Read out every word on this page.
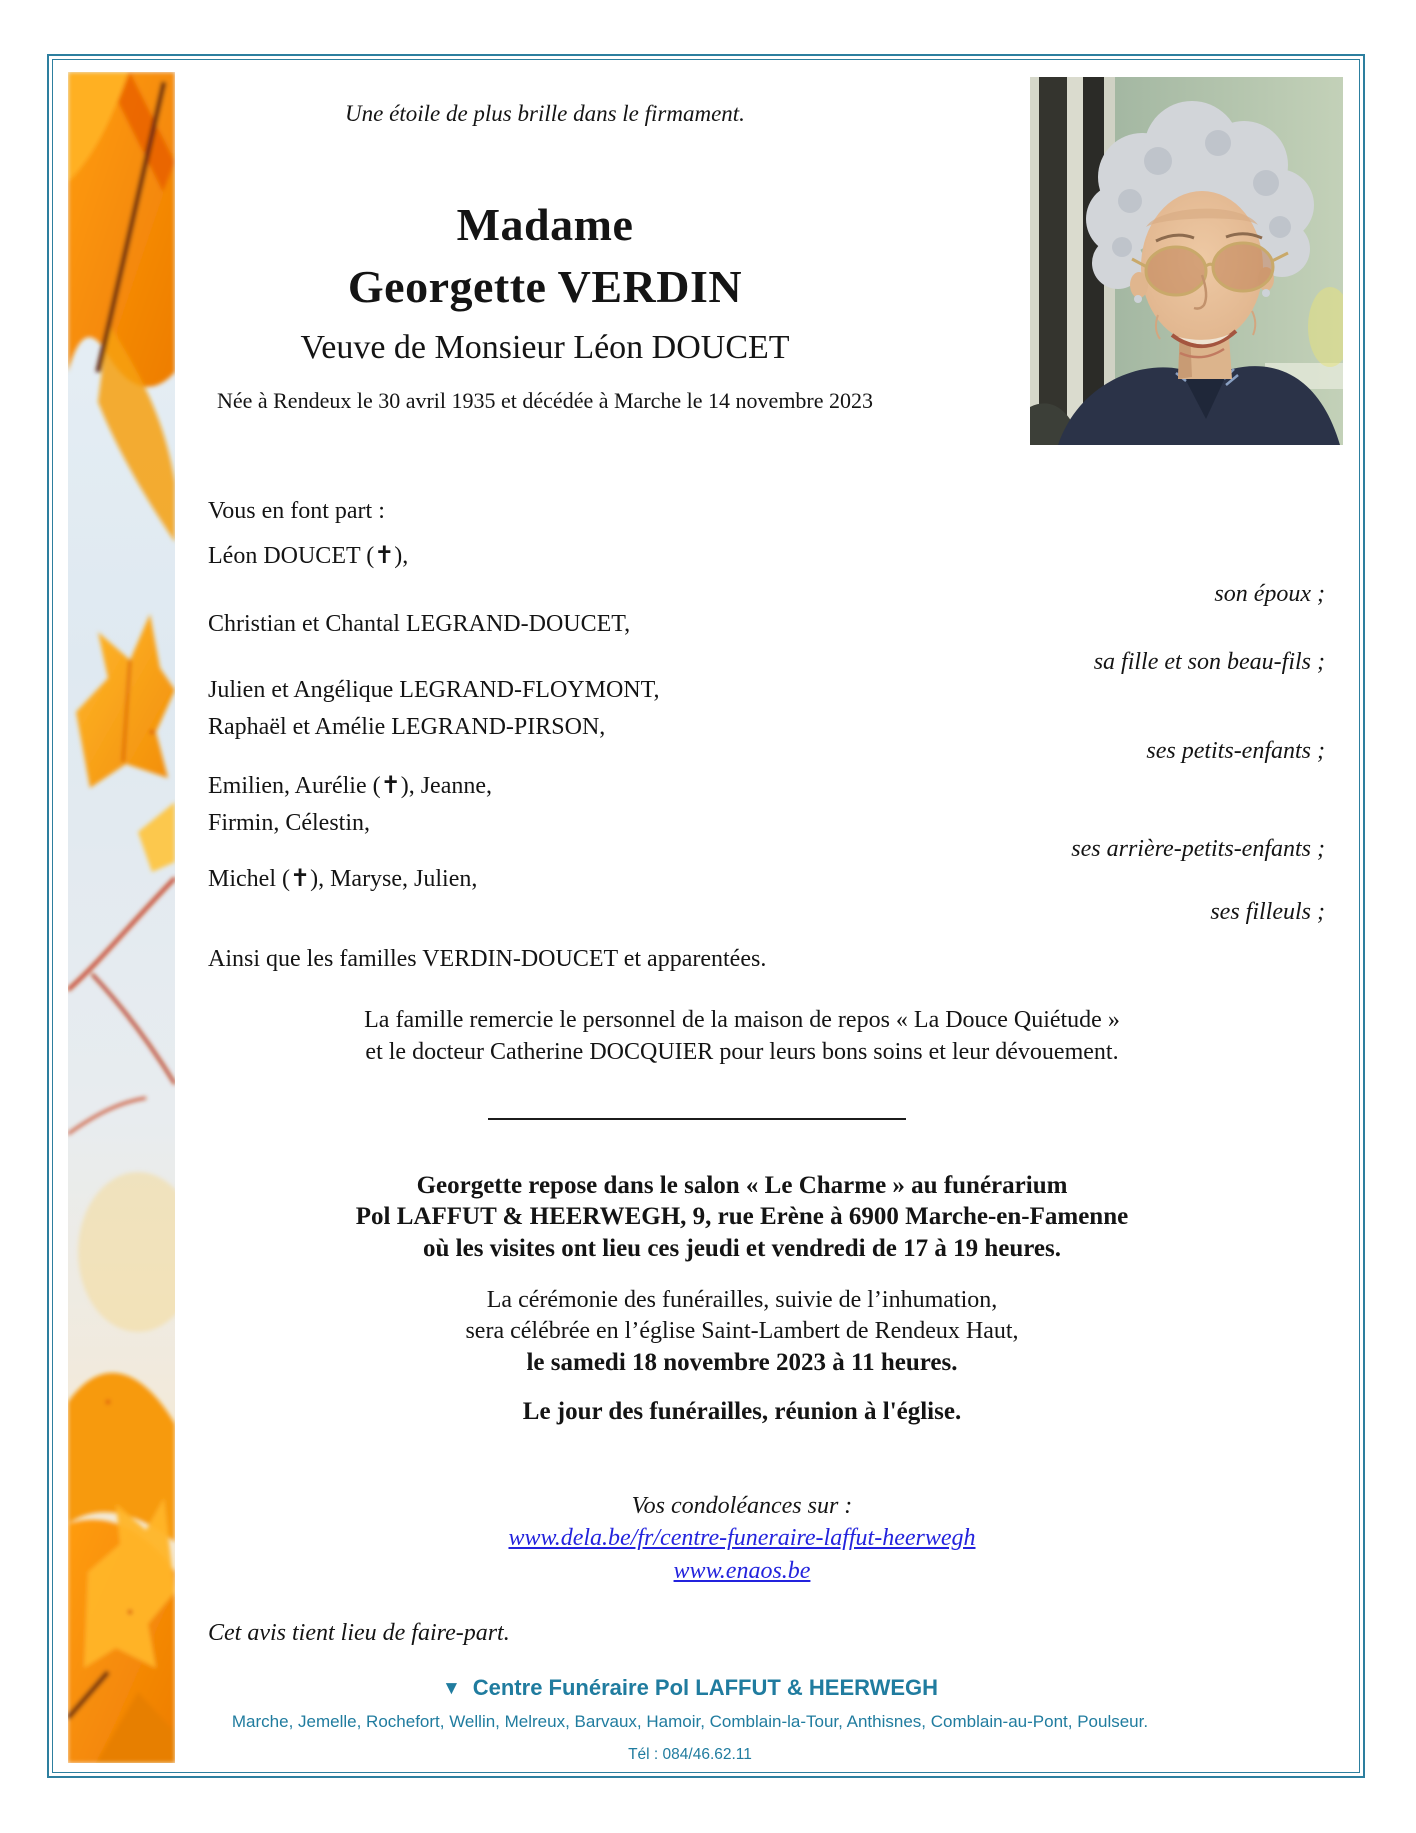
Une étoile de plus brille dans le firmament.
Madame
Georgette VERDIN
Veuve de Monsieur Léon DOUCET
Née à Rendeux le 30 avril 1935 et décédée à Marche le 14 novembre 2023
Vous en font part :
Léon DOUCET (✝),
son époux ;
Christian et Chantal LEGRAND-DOUCET,
sa fille et son beau-fils ;
Julien et Angélique LEGRAND-FLOYMONT,
Raphaël et Amélie LEGRAND-PIRSON,
ses petits-enfants ;
Emilien, Aurélie (✝), Jeanne,
Firmin, Célestin,
ses arrière-petits-enfants ;
Michel (✝), Maryse, Julien,
ses filleuls ;
Ainsi que les familles VERDIN-DOUCET et apparentées.
La famille remercie le personnel de la maison de repos « La Douce Quiétude »
et le docteur Catherine DOCQUIER pour leurs bons soins et leur dévouement.
Georgette repose dans le salon « Le Charme » au funérarium
Pol LAFFUT & HEERWEGH, 9, rue Erène à 6900 Marche-en-Famenne
où les visites ont lieu ces jeudi et vendredi de 17 à 19 heures.
La cérémonie des funérailles, suivie de l’inhumation,
sera célébrée en l’église Saint-Lambert de Rendeux Haut,
le samedi 18 novembre 2023 à 11 heures.
Le jour des funérailles, réunion à l'église.
Vos condoléances sur :
www.dela.be/fr/centre-funeraire-laffut-heerwegh
www.enaos.be
Cet avis tient lieu de faire-part.
▼ Centre Funéraire Pol LAFFUT & HEERWEGH
Marche, Jemelle, Rochefort, Wellin, Melreux, Barvaux, Hamoir, Comblain-la-Tour, Anthisnes, Comblain-au-Pont, Poulseur.
Tél : 084/46.62.11
